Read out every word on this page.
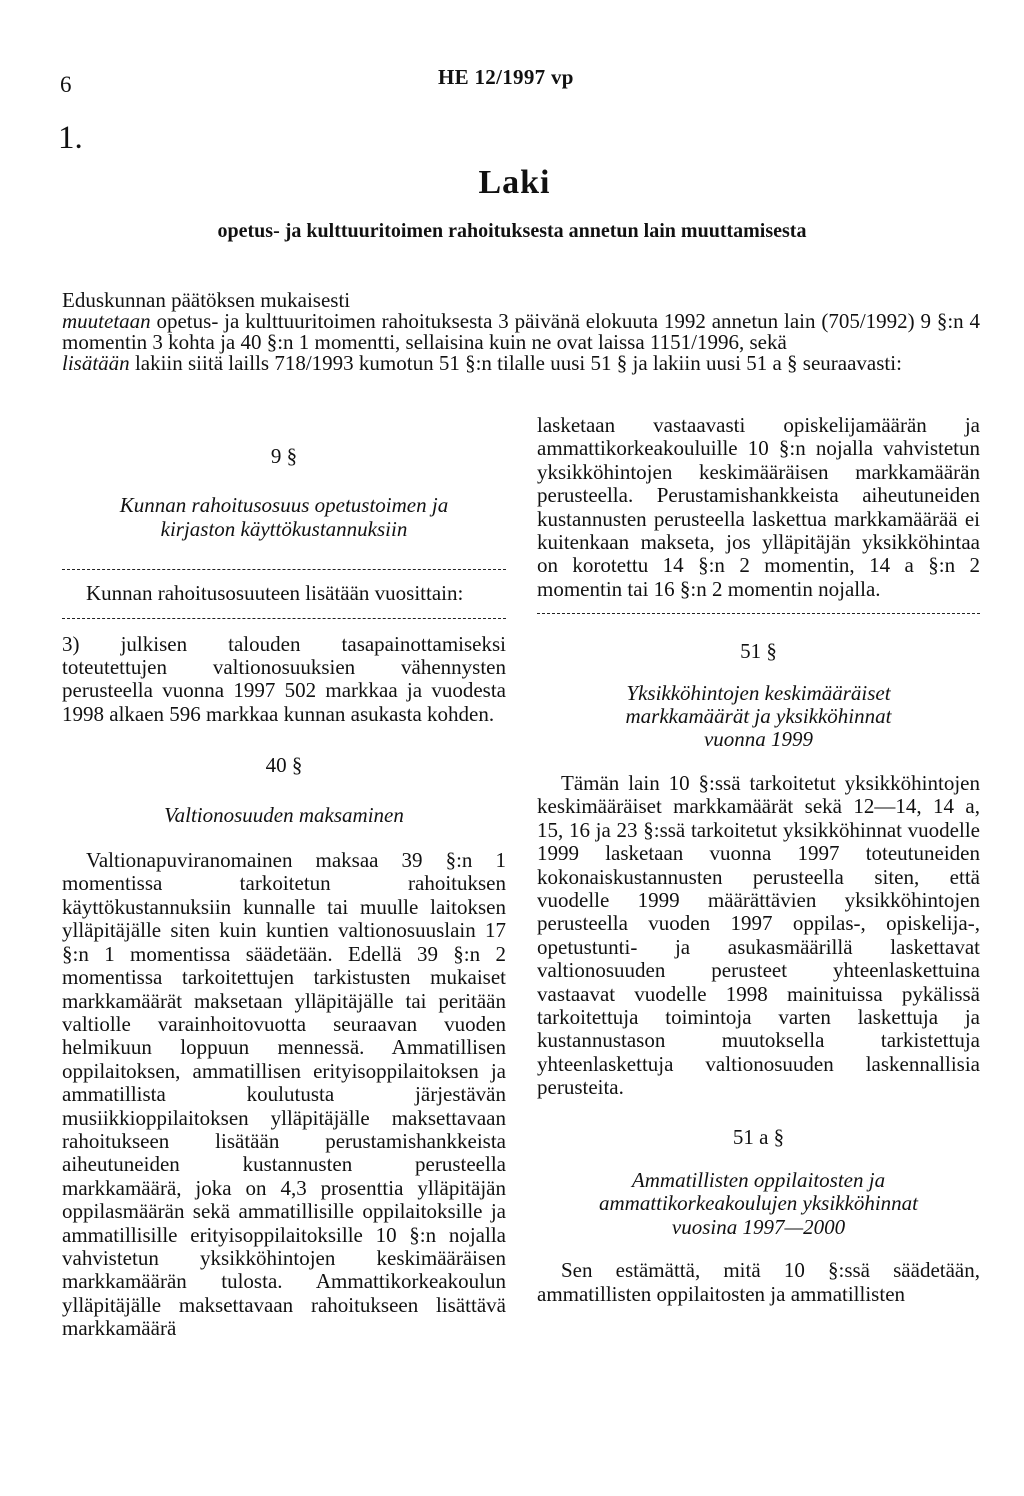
6	HE 12/1997 vp
1.
Laki
opetus- ja kulttuuritoimen rahoituksesta annetun lain muuttamisesta

Eduskunnan päätöksen mukaisesti

muutetaan opetus- ja kulttuuritoimen rahoituksesta 3 päivänä elokuuta 1992 annetun lain (705/1992) 9 §:n 4 momentin 3 kohta ja 40 §:n 1 momentti, sellaisina kuin ne ovat laissa 1151/1996, sekä

lisätään lakiin siitä laills 718/1993 kumotun 51 §:n tilalle uusi 51 § ja lakiin uusi 51 a § seuraavasti:

9 §

Kunnan rahoitusosuus opetustoimen ja

kirjaston käyttökustannuksiin

Kunnan rahoitusosuuteen lisätään vuosittain:

3) julkisen talouden tasapainottamiseksi toteutettujen valtionosuuksien vähennysten perusteella vuonna 1997 502 markkaa ja vuodesta 1998 alkaen 596 markkaa kunnan asukasta kohden.

40 §

Valtionosuuden maksaminen

Valtionapuviranomainen maksaa 39 §:n 1 momentissa tarkoitetun rahoituksen käyttökustannuksiin kunnalle tai muulle laitoksen ylläpitäjälle siten kuin kuntien valtionosuuslain 17 §:n 1 momentissa säädetään. Edellä 39 §:n 2 momentissa tarkoitettujen tarkistusten mukaiset markkamäärät maksetaan ylläpitäjälle tai peritään valtiolle varainhoitovuotta seuraavan vuoden helmikuun loppuun mennessä. Ammatillisen oppilaitoksen, ammatillisen erityisoppilaitoksen ja ammatillista koulutusta järjestävän musiikkioppilaitoksen ylläpitäjälle maksettavaan rahoitukseen lisätään perustamishankkeista aiheutuneiden kustannusten perusteella markkamäärä, joka on 4,3 prosenttia ylläpitäjän oppilasmäärän sekä ammatillisille oppilaitoksille ja ammatillisille erityisoppilaitoksille 10 §:n nojalla vahvistetun yksikköhintojen keskimääräisen markkamäärän tulosta. Ammattikorkeakoulun ylläpitäjälle maksettavaan rahoitukseen lisättävä markkamäärä

lasketaan vastaavasti opiskelijamäärän ja ammattikorkeakouluille 10 §:n nojalla vahvistetun yksikköhintojen keskimääräisen markkamäärän perusteella. Perustamishankkeista aiheutuneiden kustannusten perusteella laskettua markkamäärää ei kuitenkaan makseta, jos ylläpitäjän yksikköhintaa on korotettu 14 §:n 2 momentin, 14 a §:n 2 momentin tai 16 §:n 2 momentin nojalla.

51 §

Yksikköhintojen keskimääräiset

markkamäärät ja yksikköhinnat

vuonna 1999

Tämän lain 10 §:ssä tarkoitetut yksikköhintojen keskimääräiset markkamäärät sekä 12—14, 14 a, 15, 16 ja 23 §:ssä tarkoitetut yksikköhinnat vuodelle 1999 lasketaan vuonna 1997 toteutuneiden kokonaiskustannusten perusteella siten, että vuodelle 1999 määrättävien yksikköhintojen perusteella vuoden 1997 oppilas-, opiskelija-, opetustunti- ja asukasmäärillä laskettavat valtionosuuden perusteet yhteenlaskettuina vastaavat vuodelle 1998 mainituissa pykälissä tarkoitettuja toimintoja varten laskettuja ja kustannustason muutoksella tarkistettuja yhteenlaskettuja valtionosuuden laskennallisia perusteita.

51 a §

Ammatillisten oppilaitosten ja

ammattikorkeakoulujen yksikköhinnat

vuosina 1997—2000

Sen estämättä, mitä 10 §:ssä säädetään, ammatillisten oppilaitosten ja ammatillisten
